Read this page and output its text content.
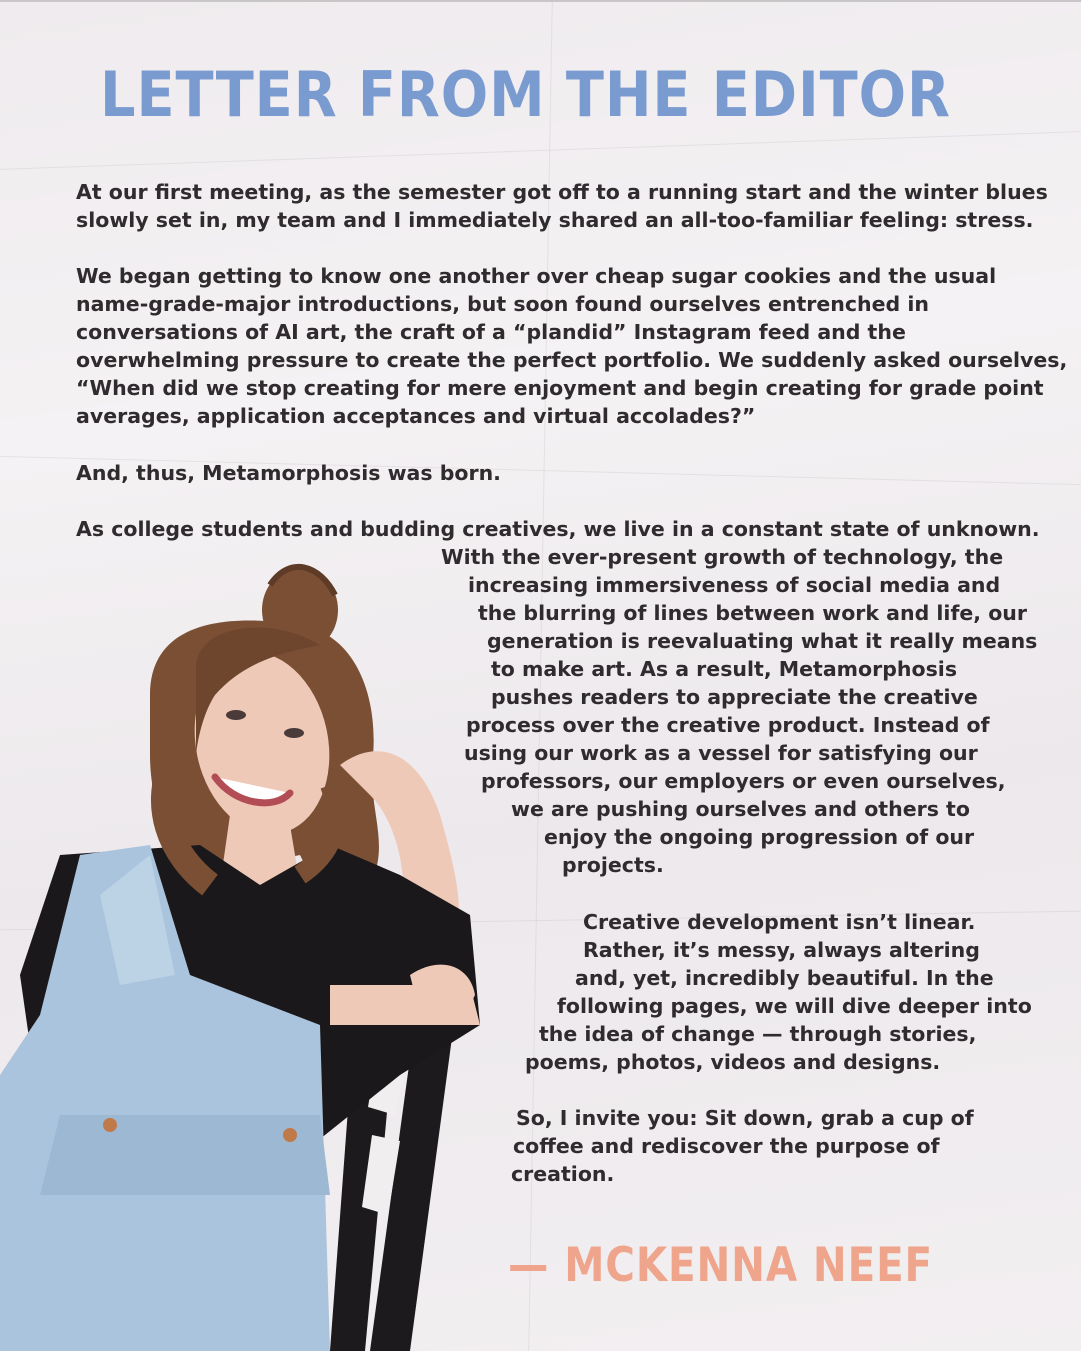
LETTER FROM THE EDITOR
At our first meeting, as the semester got off to a running start and the winter blues
slowly set in, my team and I immediately shared an all-too-familiar feeling: stress.
We began getting to know one another over cheap sugar cookies and the usual
name-grade-major introductions, but soon found ourselves entrenched in
conversations of AI art, the craft of a “plandid” Instagram feed and the
overwhelming pressure to create the perfect portfolio. We suddenly asked ourselves,
“When did we stop creating for mere enjoyment and begin creating for grade point
averages, application acceptances and virtual accolades?”
And, thus, Metamorphosis was born.
As college students and budding creatives, we live in a constant state of unknown.
With the ever-present growth of technology, the
increasing immersiveness of social media and
the blurring of lines between work and life, our
generation is reevaluating what it really means
to make art. As a result, Metamorphosis
pushes readers to appreciate the creative
process over the creative product. Instead of
using our work as a vessel for satisfying our
professors, our employers or even ourselves,
we are pushing ourselves and others to
enjoy the ongoing progression of our
projects.
Creative development isn’t linear.
Rather, it’s messy, always altering
and, yet, incredibly beautiful. In the
following pages, we will dive deeper into
the idea of change — through stories,
poems, photos, videos and designs.
So, I invite you: Sit down, grab a cup of
coffee and rediscover the purpose of
creation.
— MCKENNA NEEF
